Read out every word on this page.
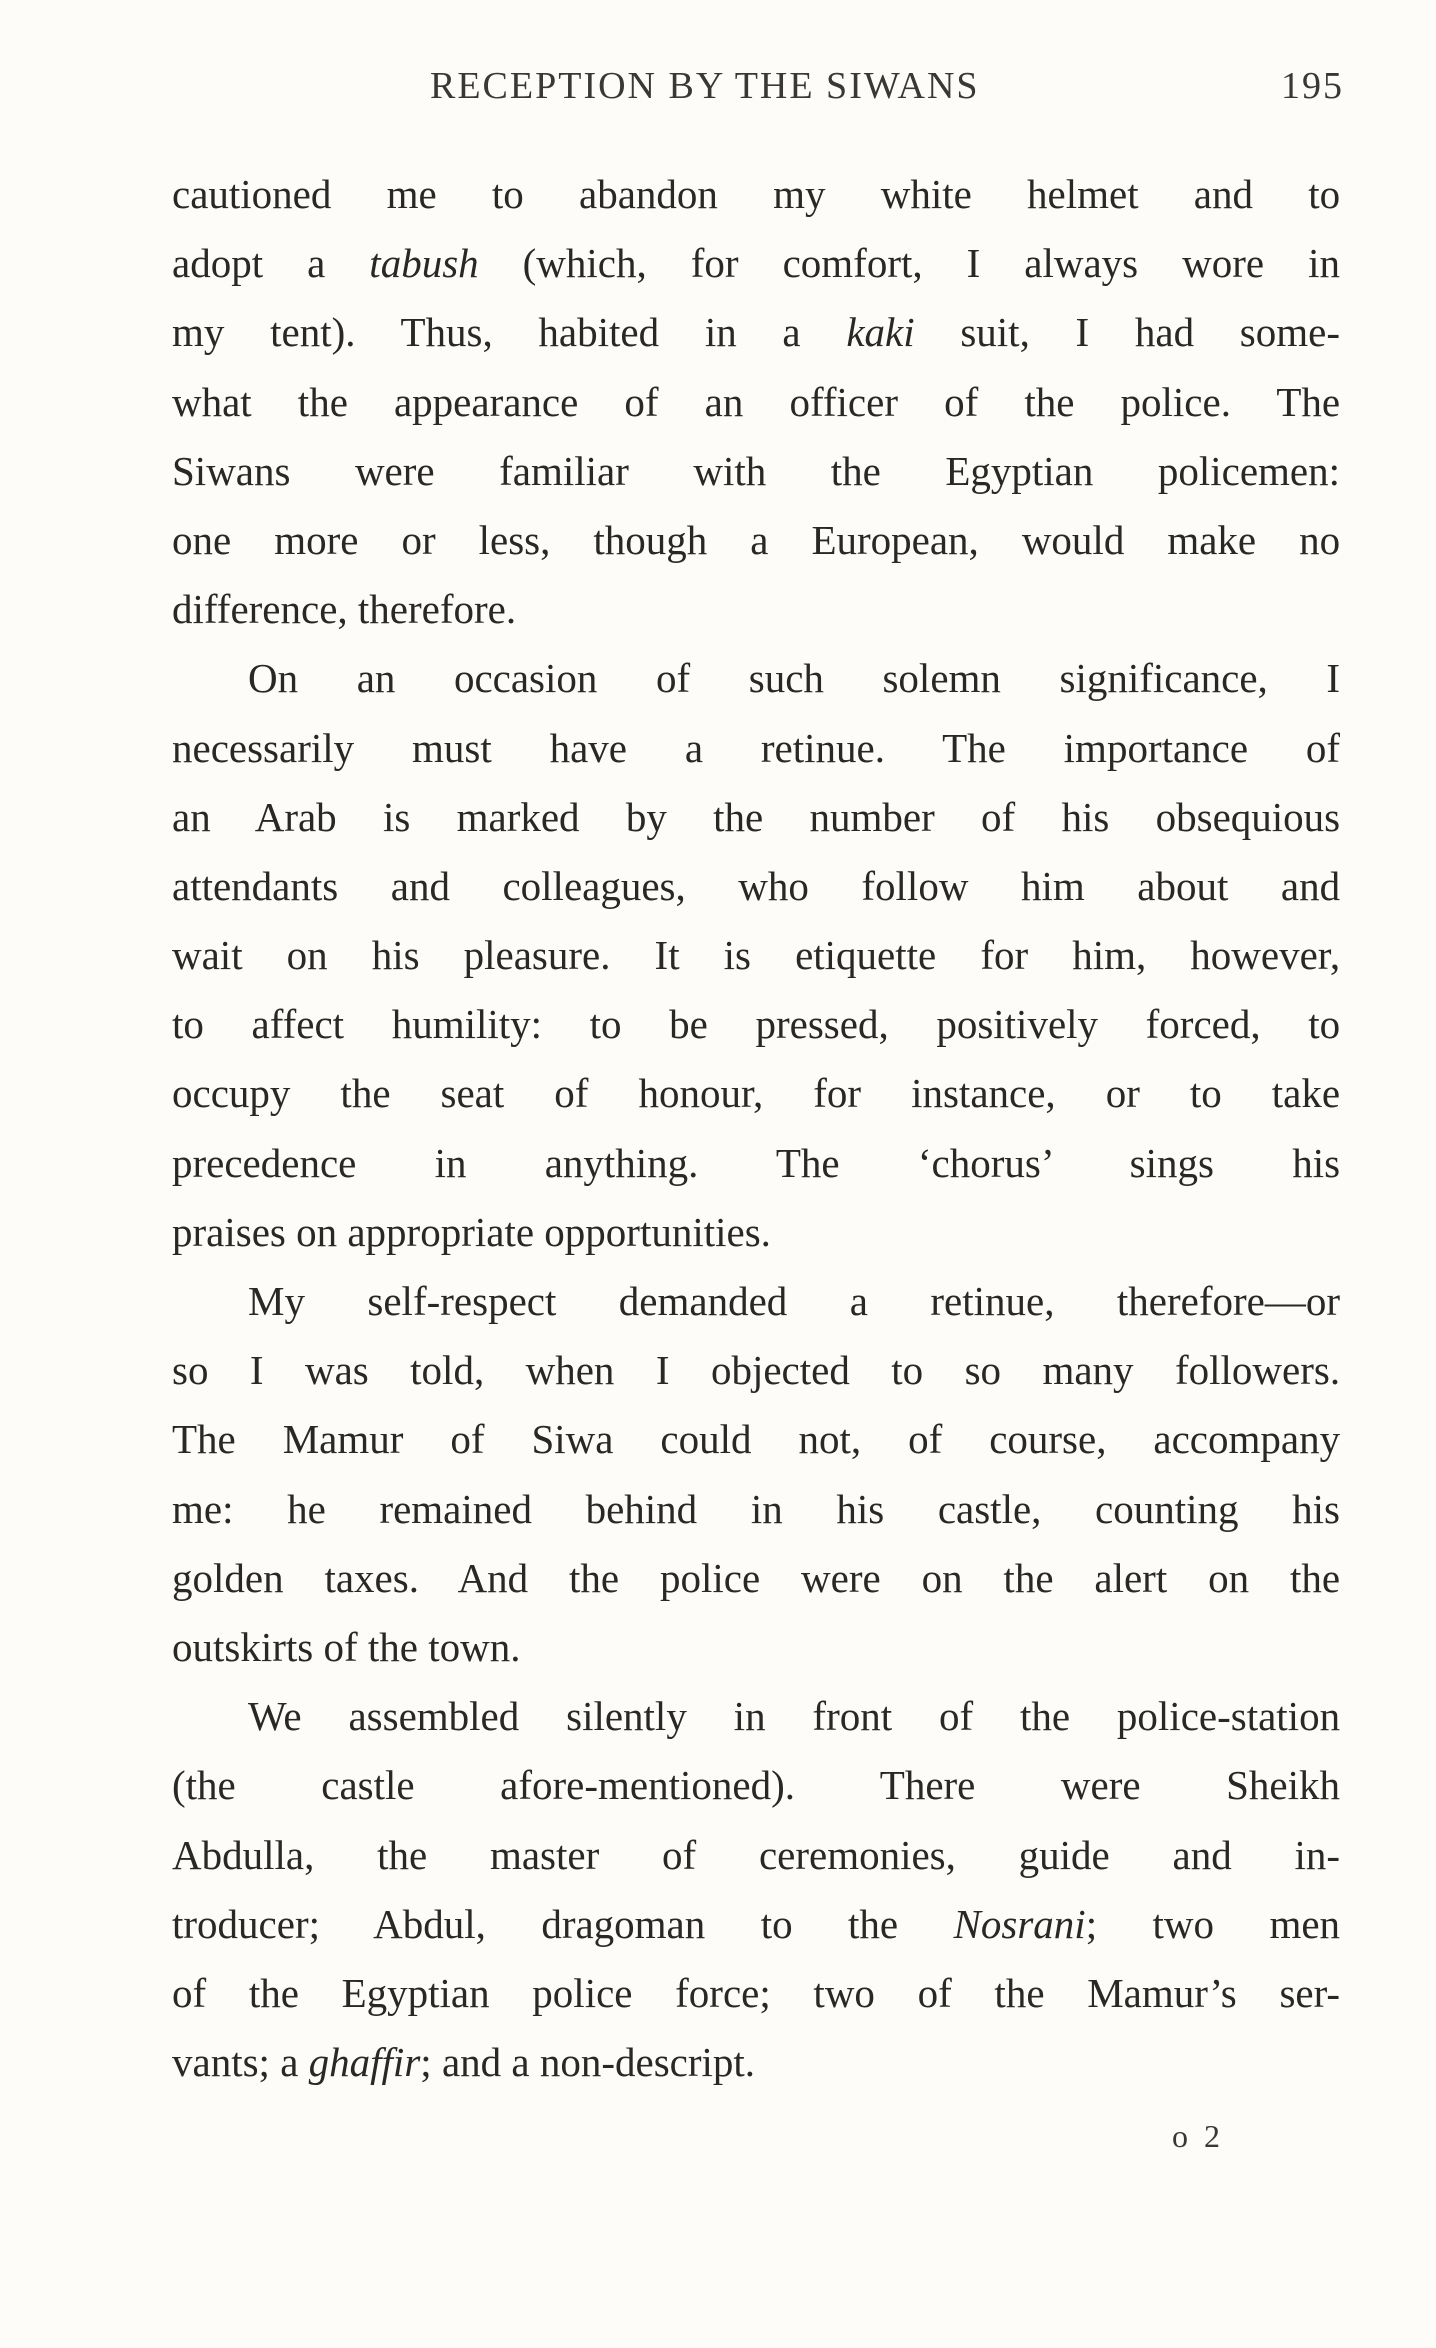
RECEPTION BY THE SIWANS	195
cautioned me to abandon my white helmet and to
adopt a tabush (which, for comfort, I always wore in
my tent). Thus, habited in a kaki suit, I had some-
what the appearance of an officer of the police. The
Siwans were familiar with the Egyptian policemen:
one more or less, though a European, would make no
difference, therefore.
On an occasion of such solemn significance, I
necessarily must have a retinue. The importance of
an Arab is marked by the number of his obsequious
attendants and colleagues, who follow him about and
wait on his pleasure. It is etiquette for him, however,
to affect humility: to be pressed, positively forced, to
occupy the seat of honour, for instance, or to take
precedence in anything. The ‘chorus’ sings his
praises on appropriate opportunities.
My self-respect demanded a retinue, therefore—or
so I was told, when I objected to so many followers.
The Mamur of Siwa could not, of course, accompany
me: he remained behind in his castle, counting his
golden taxes. And the police were on the alert on the
outskirts of the town.
We assembled silently in front of the police-station
(the castle afore-mentioned). There were Sheikh
Abdulla, the master of ceremonies, guide and in-
troducer; Abdul, dragoman to the Nosrani; two men
of the Egyptian police force; two of the Mamur’s ser-
vants; a ghaffir; and a non-descript.
o 2
